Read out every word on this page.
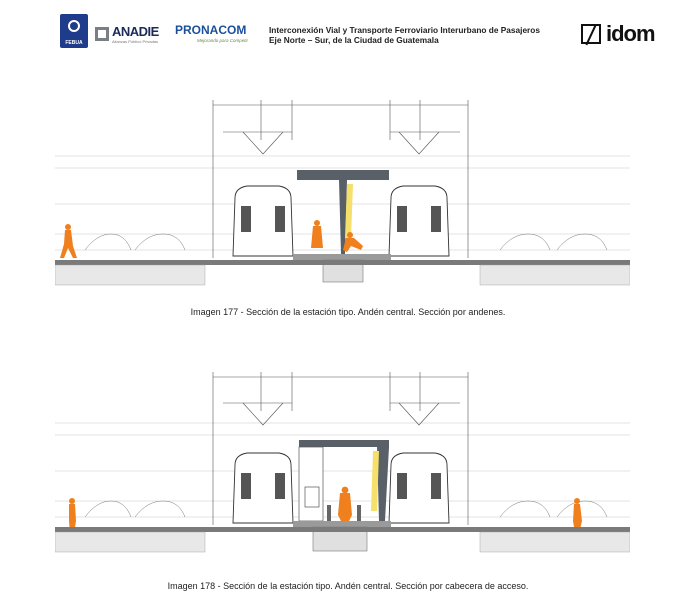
FEBUA
ANADIE
Alianzas Público Privadas
PRONACOM
Mejorando para Competir
Interconexión Vial y Transporte Ferroviario Interurbano de Pasajeros
Eje Norte – Sur, de la Ciudad de Guatemala	idom
Imagen 177 - Sección de la estación tipo. Andén central. Sección por andenes.
Imagen 178 - Sección de la estación tipo. Andén central. Sección por cabecera de acceso.
